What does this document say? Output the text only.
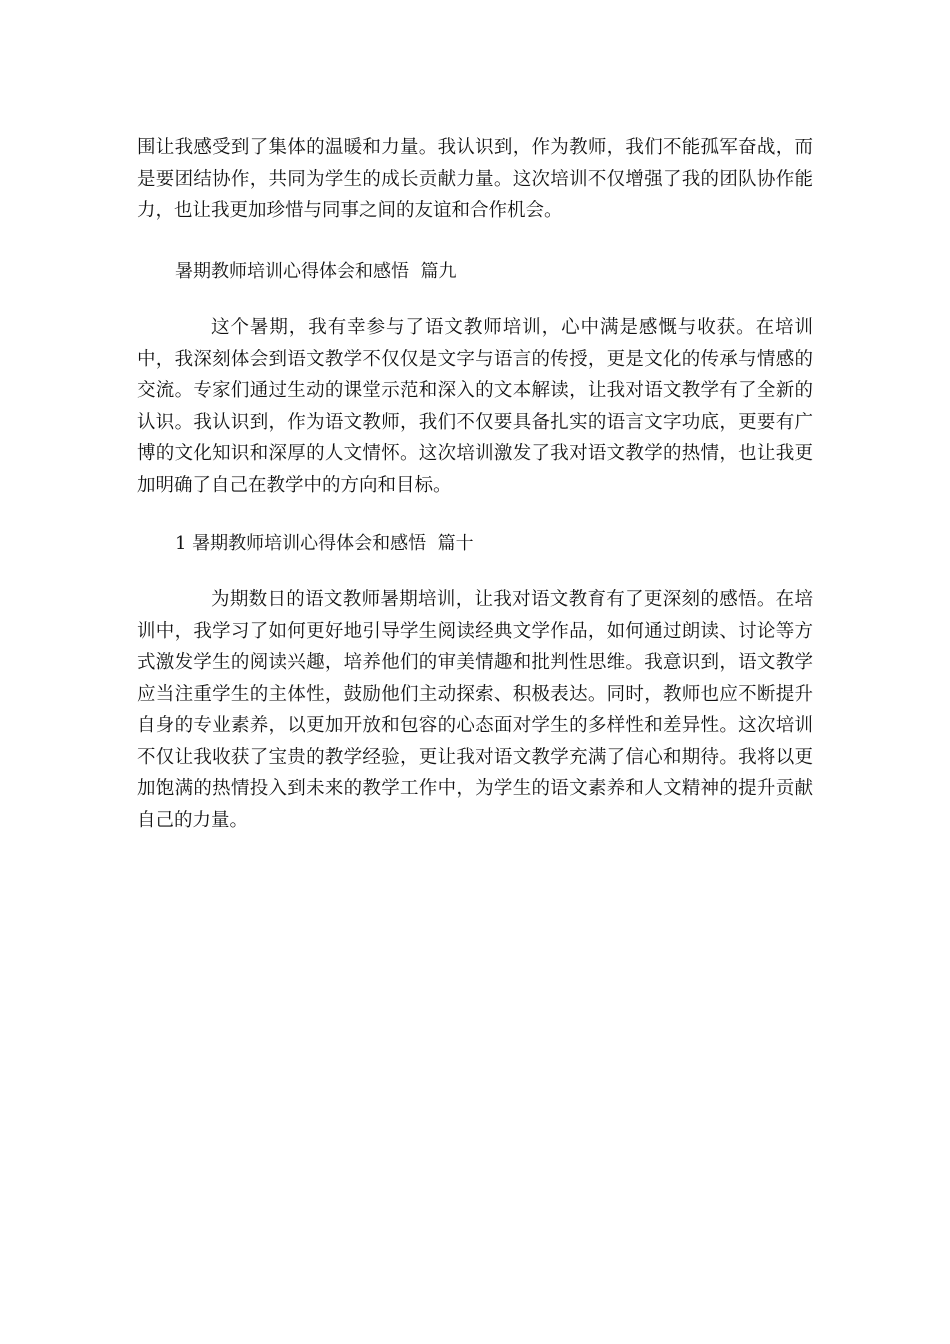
围让我感受到了集体的温暖和力量。我认识到，作为教师，我们不能孤军奋战，而是要团结协作，共同为学生的成长贡献力量。这次培训不仅增强了我的团队协作能力，也让我更加珍惜与同事之间的友谊和合作机会。

暑期教师培训心得体会和感悟  篇九

这个暑期，我有幸参与了语文教师培训，心中满是感慨与收获。在培训中，我深刻体会到语文教学不仅仅是文字与语言的传授，更是文化的传承与情感的交流。专家们通过生动的课堂示范和深入的文本解读，让我对语文教学有了全新的认识。我认识到，作为语文教师，我们不仅要具备扎实的语言文字功底，更要有广博的文化知识和深厚的人文情怀。这次培训激发了我对语文教学的热情，也让我更加明确了自己在教学中的方向和目标。

1 暑期教师培训心得体会和感悟  篇十

为期数日的语文教师暑期培训，让我对语文教育有了更深刻的感悟。在培训中，我学习了如何更好地引导学生阅读经典文学作品，如何通过朗读、讨论等方式激发学生的阅读兴趣，培养他们的审美情趣和批判性思维。我意识到，语文教学应当注重学生的主体性，鼓励他们主动探索、积极表达。同时，教师也应不断提升自身的专业素养，以更加开放和包容的心态面对学生的多样性和差异性。这次培训不仅让我收获了宝贵的教学经验，更让我对语文教学充满了信心和期待。我将以更加饱满的热情投入到未来的教学工作中，为学生的语文素养和人文精神的提升贡献自己的力量。
